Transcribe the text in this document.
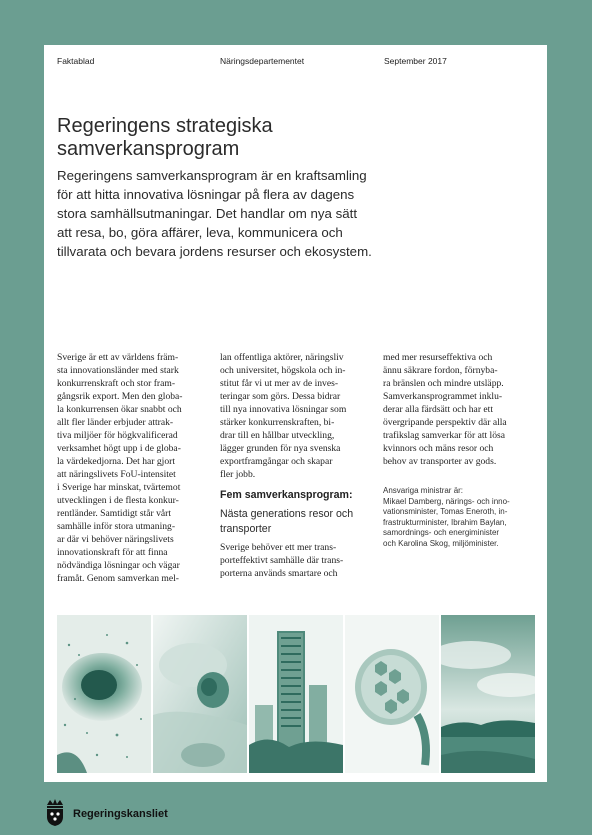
Faktablad	Näringsdepartementet	September 2017
Regeringens strategiska
samverkansprogram
Regeringens samverkansprogram är en kraftsamling
för att hitta innovativa lösningar på flera av dagens
stora samhällsutmaningar. Det handlar om nya sätt
att resa, bo, göra affärer, leva, kommunicera och
tillvarata och bevara jordens resurser och ekosystem.

Sverige är ett av världens främ-

sta innovationsländer med stark

konkurrenskraft och stor fram-

gångsrik export. Men den globa-

la konkurrensen ökar snabbt och

allt fler länder erbjuder attrak-

tiva miljöer för högkvalificerad

verksamhet högt upp i de globa-

la värdekedjorna. Det har gjort

att näringslivets FoU-intensitet

i Sverige har minskat, tvärtemot

utvecklingen i de flesta konkur-

rentländer. Samtidigt står vårt

samhälle inför stora utmaning-

ar där vi behöver näringslivets

innovationskraft för att finna

nödvändiga lösningar och vägar

framåt. Genom samverkan mel-

lan offentliga aktörer, näringsliv

och universitet, högskola och in-

stitut får vi ut mer av de inves-

teringar som görs. Dessa bidrar

till nya innovativa lösningar som

stärker konkurrenskraften, bi-

drar till en hållbar utveckling,

lägger grunden för nya svenska

exportframgångar och skapar

fler jobb.

Fem samverkansprogram:

Nästa generations resor och

transporter

Sverige behöver ett mer trans-

porteffektivt samhälle där trans-

porterna används smartare och

med mer resurseffektiva och

ännu säkrare fordon, förnyba-

ra bränslen och mindre utsläpp.

Samverkansprogrammet inklu-

derar alla färdsätt och har ett

övergripande perspektiv där alla

trafikslag samverkar för att lösa

kvinnors och mäns resor och

behov av transporter av gods.

Ansvariga ministrar är:

Mikael Damberg, närings- och inno-

vationsminister, Tomas Eneroth, in-

frastrukturminister, Ibrahim Baylan,

samordnings- och energiminister

och Karolina Skog, miljöminister.

Regeringskansliet
